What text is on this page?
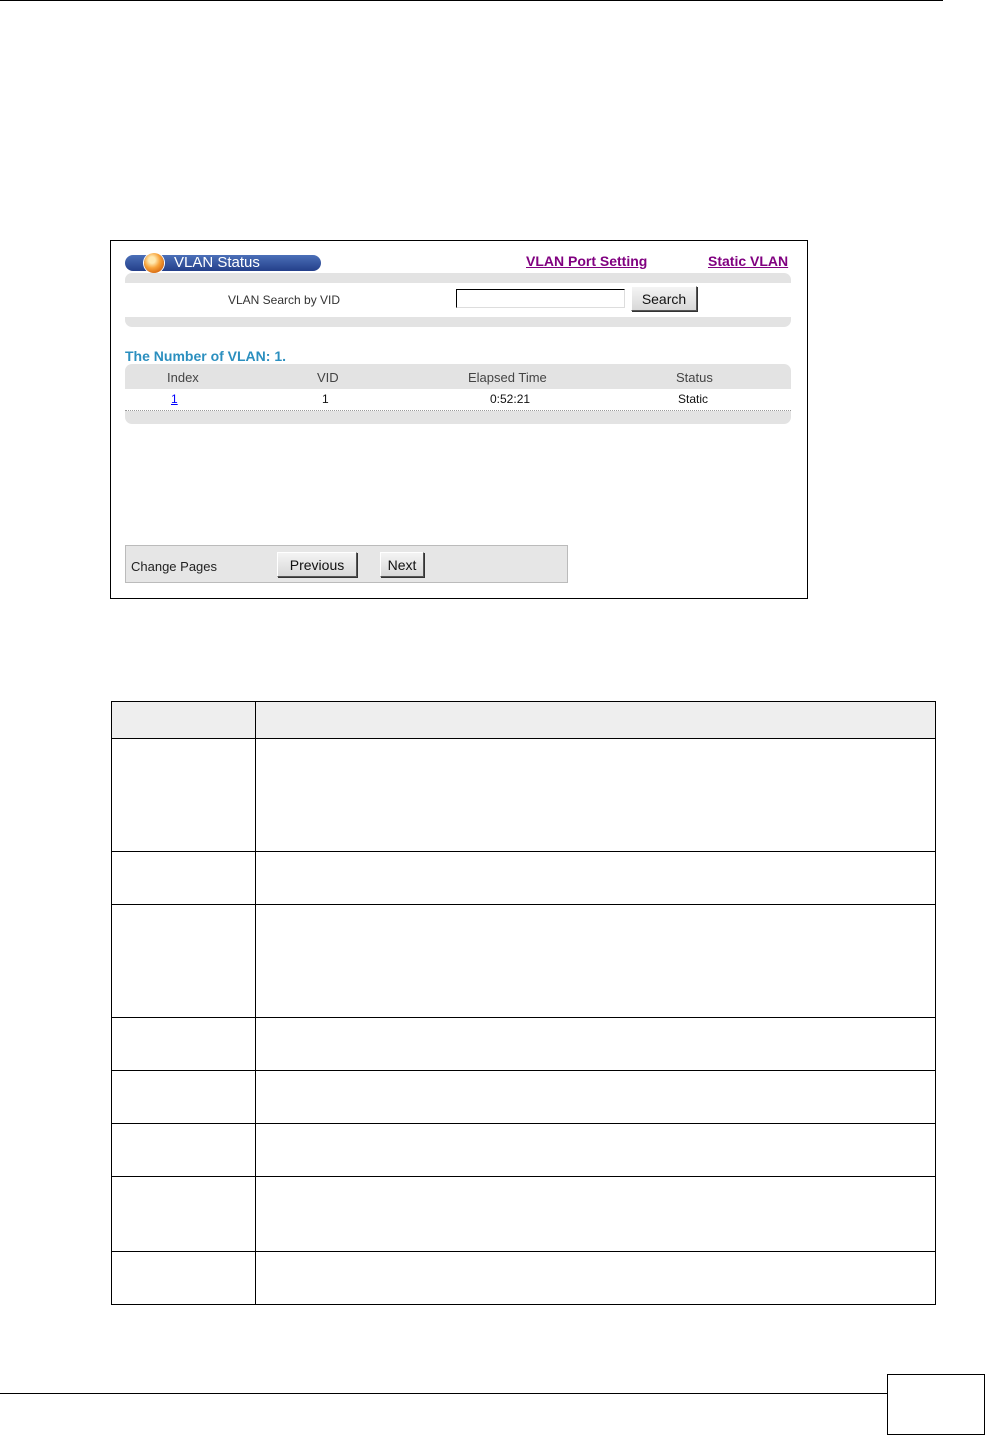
VLAN Status	VLAN Port Setting	Static VLAN
VLAN Search by VID	Search
The Number of VLAN: 1.
Index	VID	Elapsed Time	Status
1	1	0:52:21	Static
Change Pages	Previous	Next
